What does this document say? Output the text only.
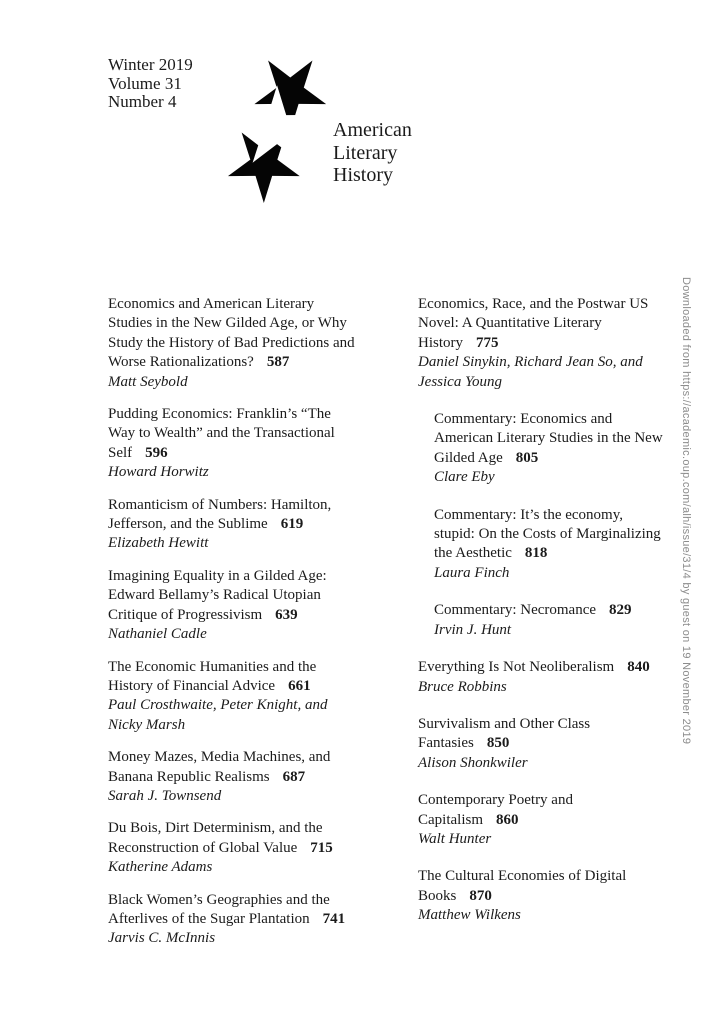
Winter 2019
Volume 31
Number 4
American
Literary
History
Economics and American Literary Studies in the New Gilded Age, or Why Study the History of Bad Predictions and Worse Rationalizations? 587
Matt Seybold
Pudding Economics: Franklin’s “The Way to Wealth” and the Transactional Self 596
Howard Horwitz
Romanticism of Numbers: Hamilton, Jefferson, and the Sublime 619
Elizabeth Hewitt
Imagining Equality in a Gilded Age: Edward Bellamy’s Radical Utopian Critique of Progressivism 639
Nathaniel Cadle
The Economic Humanities and the History of Financial Advice 661
Paul Crosthwaite, Peter Knight, and Nicky Marsh
Money Mazes, Media Machines, and Banana Republic Realisms 687
Sarah J. Townsend
Du Bois, Dirt Determinism, and the Reconstruction of Global Value 715
Katherine Adams
Black Women’s Geographies and the Afterlives of the Sugar Plantation 741
Jarvis C. McInnis
Economics, Race, and the Postwar US Novel: A Quantitative Literary History 775
Daniel Sinykin, Richard Jean So, and Jessica Young
Commentary: Economics and American Literary Studies in the New Gilded Age 805
Clare Eby
Commentary: It’s the economy, stupid: On the Costs of Marginalizing the Aesthetic 818
Laura Finch
Commentary: Necromance 829
Irvin J. Hunt
Everything Is Not Neoliberalism 840
Bruce Robbins
Survivalism and Other Class Fantasies 850
Alison Shonkwiler
Contemporary Poetry and Capitalism 860
Walt Hunter
The Cultural Economies of Digital Books 870
Matthew Wilkens
Downloaded from https://academic.oup.com/alh/issue/31/4 by guest on 19 November 2019
